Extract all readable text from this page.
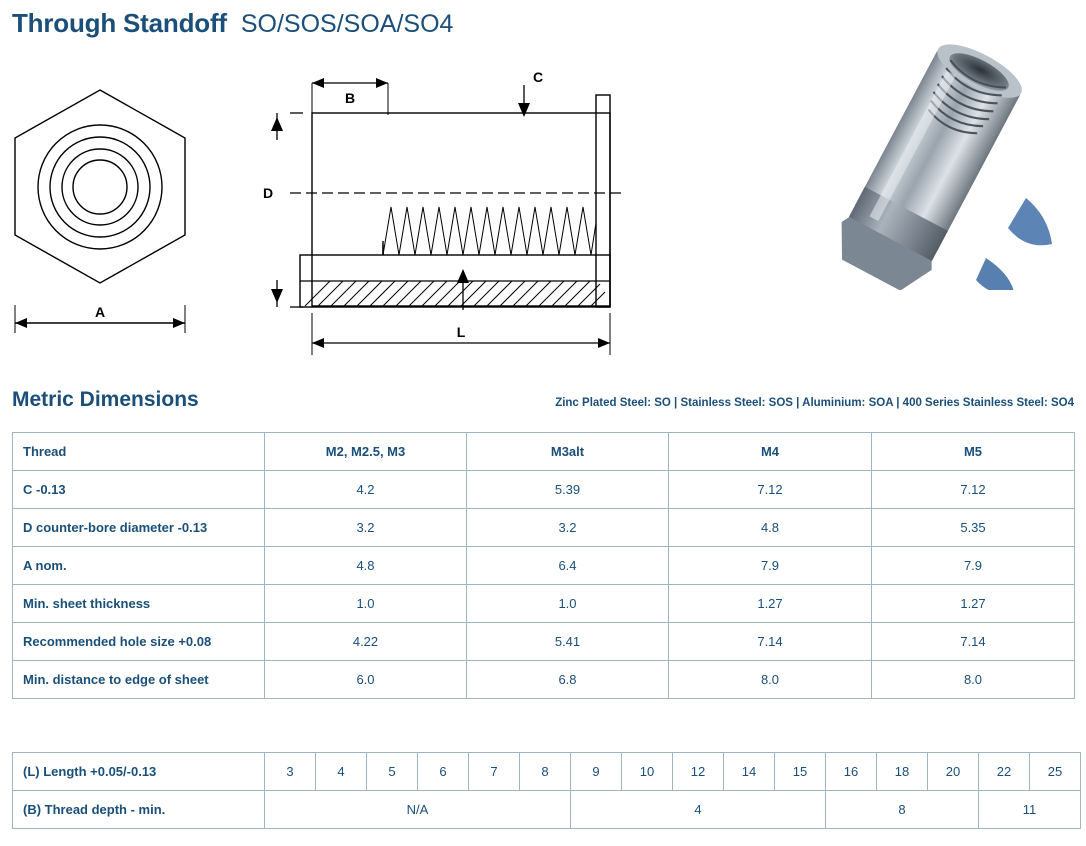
Through Standoff SO/SOS/SOA/SO4
A
B
C
D
L
Metric Dimensions	Zinc Plated Steel: SO | Stainless Steel: SOS | Aluminium: SOA | 400 Series Stainless Steel: SO4
Thread	M2, M2.5, M3	M3alt	M4	M5
C -0.13	4.2	5.39	7.12	7.12
D counter-bore diameter -0.13	3.2	3.2	4.8	5.35
A nom.	4.8	6.4	7.9	7.9
Min. sheet thickness	1.0	1.0	1.27	1.27
Recommended hole size +0.08	4.22	5.41	7.14	7.14
Min. distance to edge of sheet	6.0	6.8	8.0	8.0
(L) Length +0.05/-0.13	3	4	5	6	7	8	9	10	12	14	15	16	18	20	22	25
(B) Thread depth - min.	N/A						4					8			11	
